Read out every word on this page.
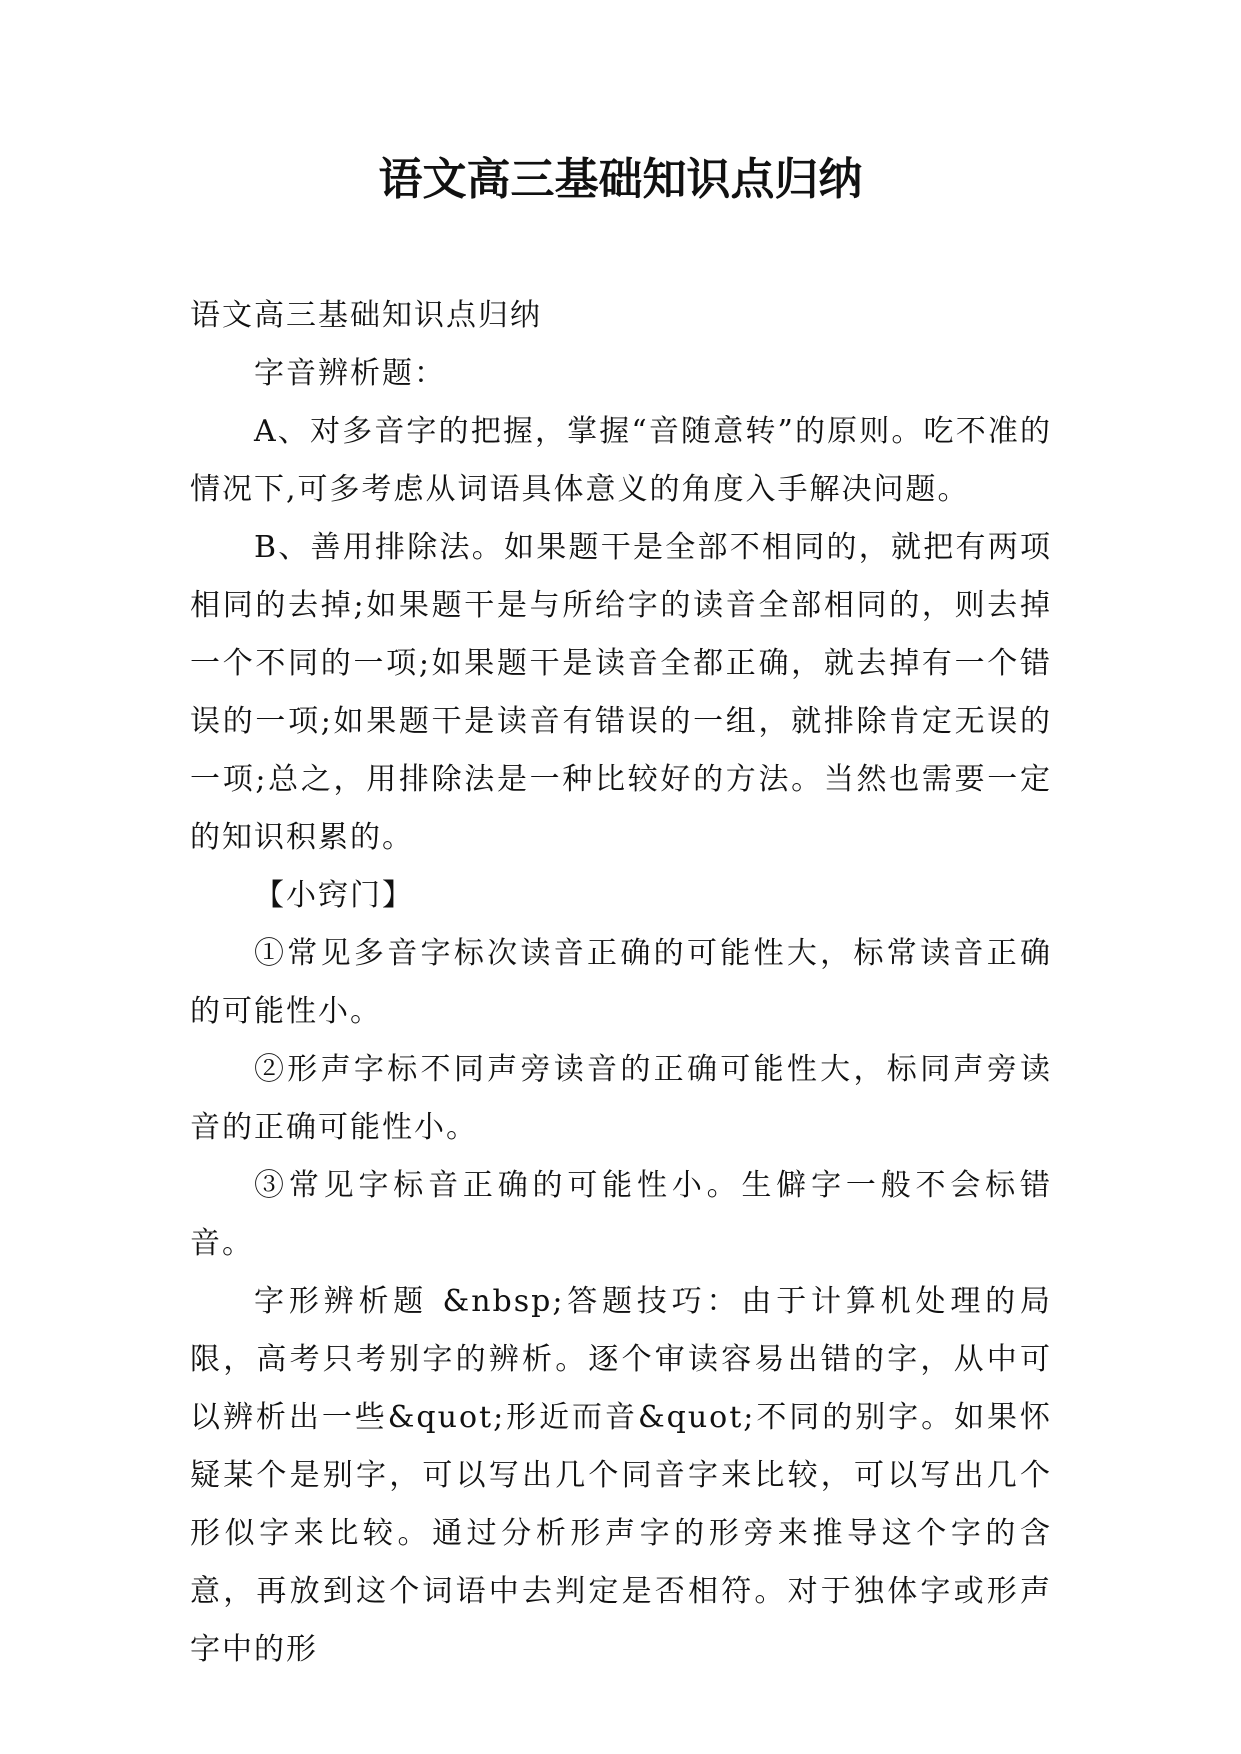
语文高三基础知识点归纳

语文高三基础知识点归纳

字音辨析题：

A、对多音字的把握，掌握“音随意转”的原则。吃不准的情况下,可多考虑从词语具体意义的角度入手解决问题。

B、善用排除法。如果题干是全部不相同的，就把有两项相同的去掉;如果题干是与所给字的读音全部相同的，则去掉一个不同的一项;如果题干是读音全都正确，就去掉有一个错误的一项;如果题干是读音有错误的一组，就排除肯定无误的一项;总之，用排除法是一种比较好的方法。当然也需要一定的知识积累的。

【小窍门】

①常见多音字标次读音正确的可能性大，标常读音正确的可能性小。

②形声字标不同声旁读音的正确可能性大，标同声旁读音的正确可能性小。

③常见字标音正确的可能性小。生僻字一般不会标错音。

字形辨析题 &nbsp;答题技巧：由于计算机处理的局限，高考只考别字的辨析。逐个审读容易出错的字，从中可以辨析出一些&quot;形近而音&quot;不同的别字。如果怀疑某个是别字，可以写出几个同音字来比较，可以写出几个形似字来比较。通过分析形声字的形旁来推导这个字的含意，再放到这个词语中去判定是否相符。对于独体字或形声字中的形
